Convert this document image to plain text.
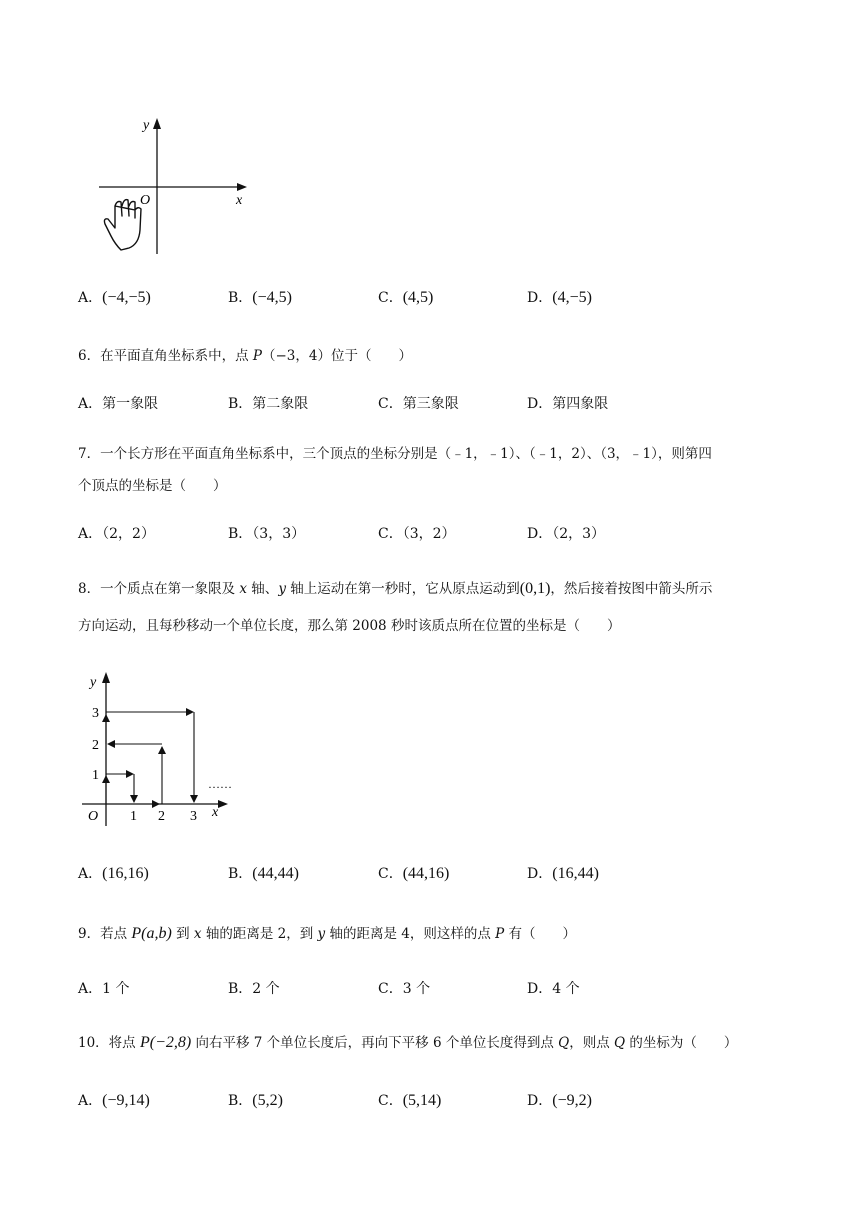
y
x
O
A．(−4,−5)	B．(−4,5)	C．(4,5)	D．(4,−5)
6．在平面直角坐标系中，点 P（−3，4）位于（　　）
A．第一象限	B．第二象限	C．第三象限	D．第四象限
7．一个长方形在平面直角坐标系中，三个顶点的坐标分别是（﹣1，﹣1）、（﹣1，2）、（3，﹣1），则第四
个顶点的坐标是（　　）
A．（2，2）	B．（3，3）	C．（3，2）	D．（2，3）
8．一个质点在第一象限及 x 轴、y 轴上运动在第一秒时，它从原点运动到(0,1)，然后接着按图中箭头所示
方向运动，且每秒移动一个单位长度，那么第 2008 秒时该质点所在位置的坐标是（　　）
y
x
O 1 2 3
1
2
3
……
A．(16,16)	B．(44,44)	C．(44,16)	D．(16,44)
9．若点 P(a,b) 到 x 轴的距离是 2，到 y 轴的距离是 4，则这样的点 P 有（　　）
A．1 个	B．2 个	C．3 个	D．4 个
10．将点 P(−2,8) 向右平移 7 个单位长度后，再向下平移 6 个单位长度得到点 Q，则点 Q 的坐标为（　　）
A．(−9,14)	B．(5,2)	C．(5,14)	D．(−9,2)
